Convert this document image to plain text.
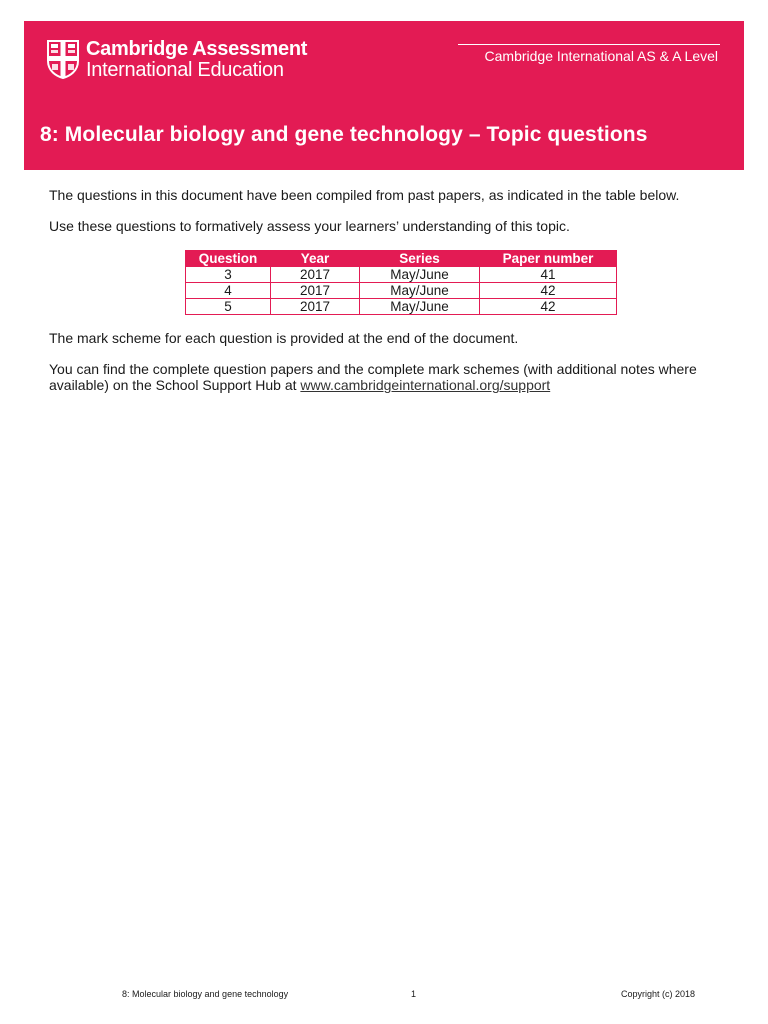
Cambridge Assessment
International Education
Cambridge International AS & A Level
8: Molecular biology and gene technology – Topic questions

The questions in this document have been compiled from past papers, as indicated in the table below.

Use these questions to formatively assess your learners’ understanding of this topic.

Question	Year	Series	Paper number
3	2017	May/June	41
4	2017	May/June	42
5	2017	May/June	42

The mark scheme for each question is provided at the end of the document.

You can find the complete question papers and the complete mark schemes (with additional notes where available) on the School Support Hub at www.cambridgeinternational.org/support

8: Molecular biology and gene technology	1	Copyright (c) 2018
